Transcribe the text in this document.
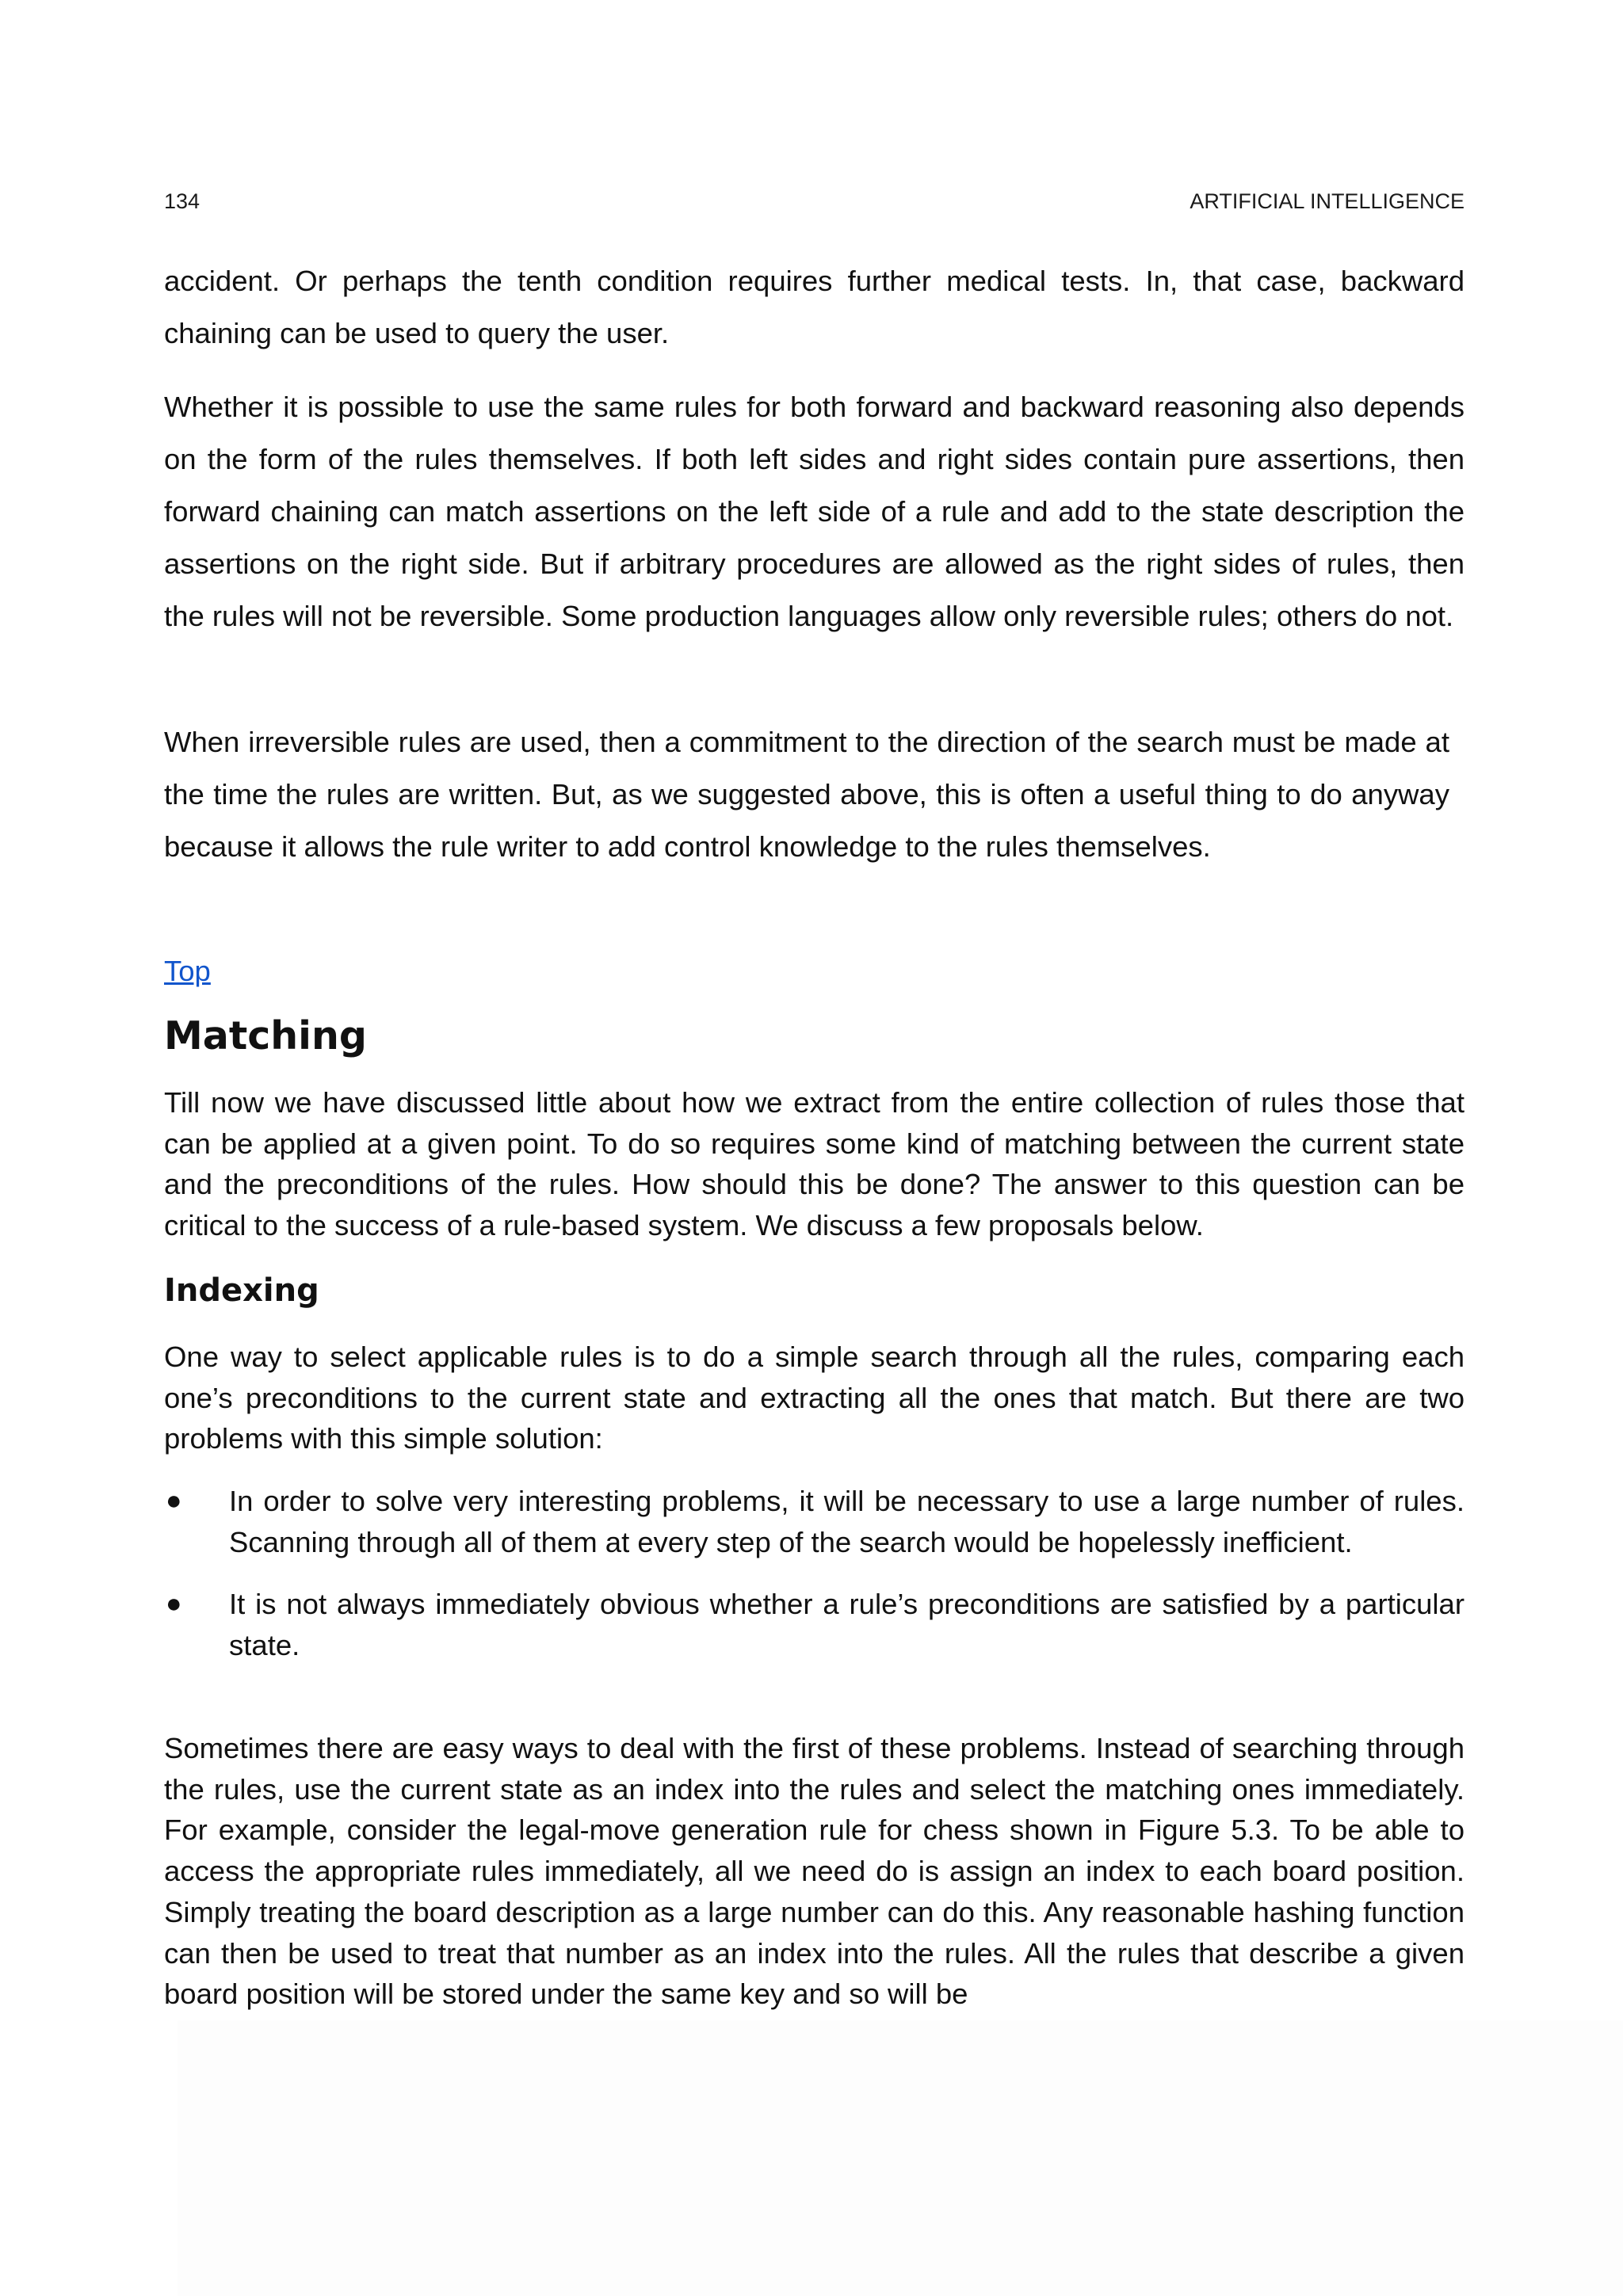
134	ARTIFICIAL INTELLIGENCE

accident. Or perhaps the tenth condition requires further medical tests. In, that case, backward chaining can be used to query the user.

Whether it is possible to use the same rules for both forward and backward reasoning also depends on the form of the rules themselves. If both left sides and right sides contain pure assertions, then forward chaining can match assertions on the left side of a rule and add to the state description the assertions on the right side. But if arbitrary procedures are allowed as the right sides of rules, then the rules will not be reversible. Some production languages allow only reversible rules; others do not.

When irreversible rules are used, then a commitment to the direction of the search must be made at the time the rules are written. But, as we suggested above, this is often a useful thing to do anyway because it allows the rule writer to add control knowledge to the rules themselves.

Top
Matching

Till now we have discussed little about how we extract from the entire collection of rules those that can be applied at a given point. To do so requires some kind of matching between the current state and the preconditions of the rules. How should this be done? The answer to this question can be critical to the success of a rule-based system. We discuss a few proposals below.

Indexing

One way to select applicable rules is to do a simple search through all the rules, comparing each one’s preconditions to the current state and extracting all the ones that match. But there are two problems with this simple solution:

● In order to solve very interesting problems, it will be necessary to use a large number of rules. Scanning through all of them at every step of the search would be hopelessly inefficient.
● It is not always immediately obvious whether a rule’s preconditions are satisfied by a particular state.

Sometimes there are easy ways to deal with the first of these problems. Instead of searching through the rules, use the current state as an index into the rules and select the matching ones immediately. For example, consider the legal-move generation rule for chess shown in Figure 5.3. To be able to access the appropriate rules immediately, all we need do is assign an index to each board position. Simply treating the board description as a large number can do this. Any reasonable hashing function can then be used to treat that number as an index into the rules. All the rules that describe a given board position will be stored under the same key and so will be
